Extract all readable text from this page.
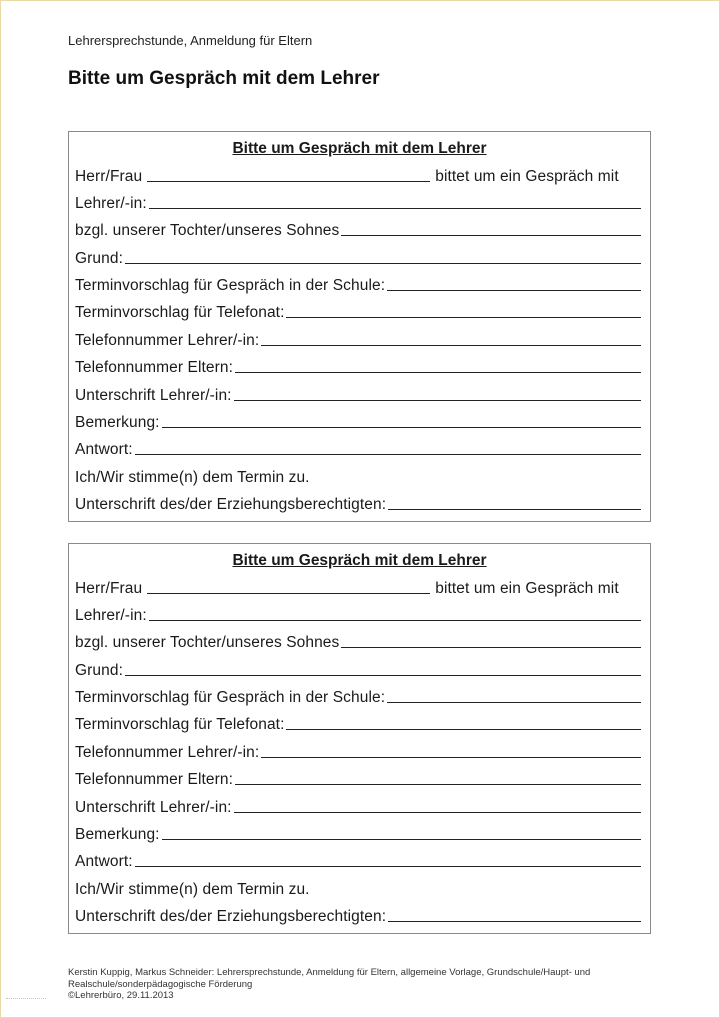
Lehrersprechstunde, Anmeldung für Eltern
Bitte um Gespräch mit dem Lehrer
Bitte um Gespräch mit dem Lehrer
Herr/Frau	bittet um ein Gespräch mit
Lehrer/-in:
bzgl. unserer Tochter/unseres Sohnes
Grund:
Terminvorschlag für Gespräch in der Schule:
Terminvorschlag für Telefonat:
Telefonnummer Lehrer/-in:
Telefonnummer Eltern:
Unterschrift Lehrer/-in:
Bemerkung:
Antwort:
Ich/Wir stimme(n) dem Termin zu.
Unterschrift des/der Erziehungsberechtigten:
Bitte um Gespräch mit dem Lehrer
Herr/Frau	bittet um ein Gespräch mit
Lehrer/-in:
bzgl. unserer Tochter/unseres Sohnes
Grund:
Terminvorschlag für Gespräch in der Schule:
Terminvorschlag für Telefonat:
Telefonnummer Lehrer/-in:
Telefonnummer Eltern:
Unterschrift Lehrer/-in:
Bemerkung:
Antwort:
Ich/Wir stimme(n) dem Termin zu.
Unterschrift des/der Erziehungsberechtigten:
Kerstin Kuppig, Markus Schneider: Lehrersprechstunde, Anmeldung für Eltern, allgemeine Vorlage, Grundschule/Haupt- und
Realschule/sonderpädagogische Förderung
©Lehrerbüro, 29.11.2013
